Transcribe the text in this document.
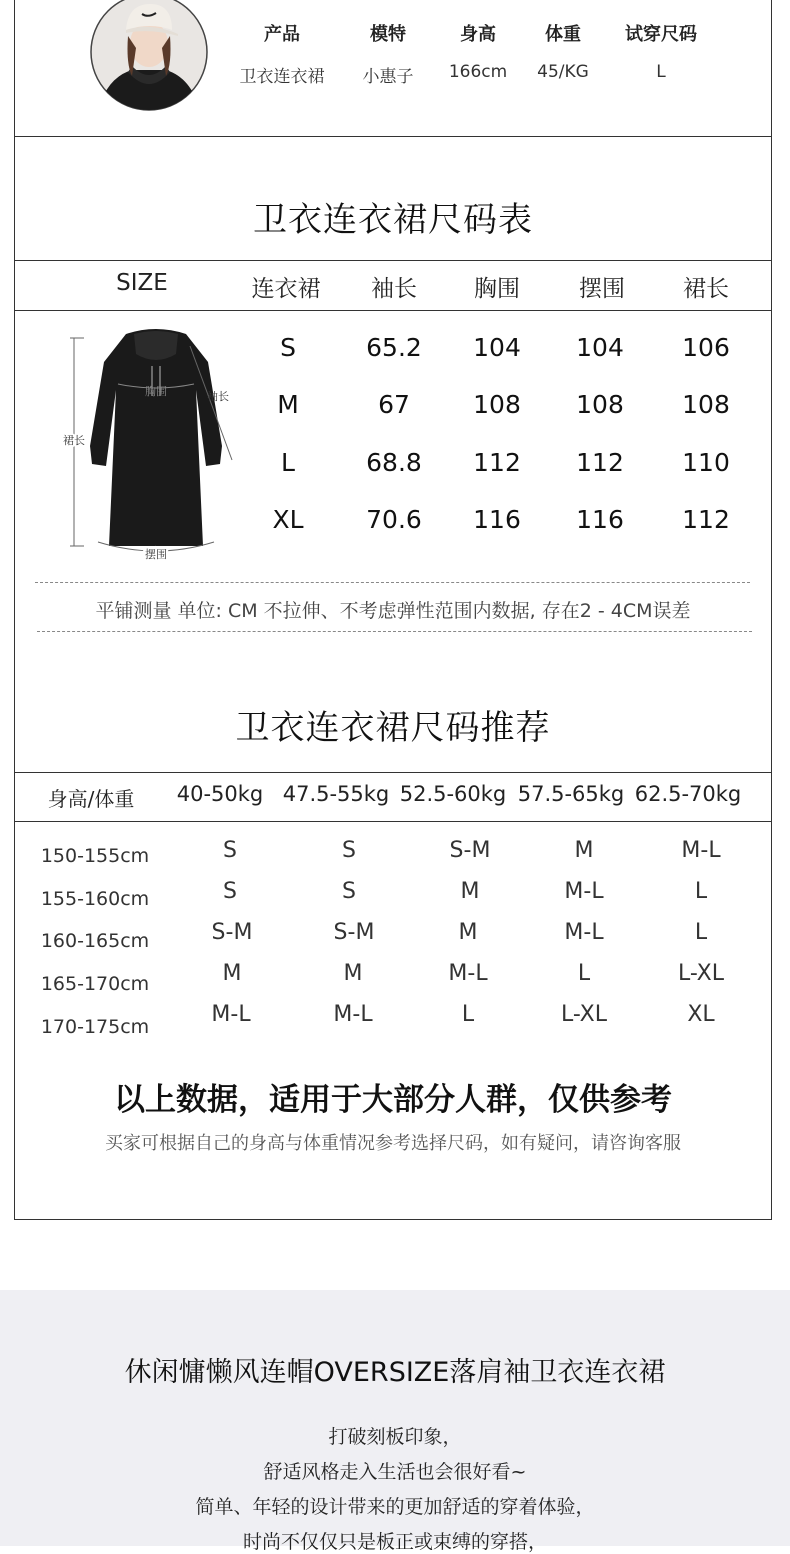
产品	模特	身高	体重	试穿尺码
卫衣连衣裙	小惠子	166cm	45/KG	L
卫衣连衣裙尺码表
SIZE	连衣裙	袖长	胸围	摆围	裙长
胸围	袖长
裙长
摆围
S	65.2	104	104	106
M	67	108	108	108
L	68.8	112	112	110
XL	70.6	116	116	112
平铺测量 单位: CM 不拉伸、不考虑弹性范围内数据, 存在2 - 4CM误差
卫衣连衣裙尺码推荐
身高/体重	40-50kg 47.5-55kg 52.5-60kg 57.5-65kg 62.5-70kg
150-155cm	S	S	S-M	M	M-L
155-160cm	S	S	M	M-L	L
160-165cm	S-M	S-M	M	M-L	L
165-170cm	M	M	M-L	L	L-XL
170-175cm	M-L	M-L	L	L-XL	XL
以上数据，适用于大部分人群，仅供参考
买家可根据自己的身高与体重情况参考选择尺码，如有疑问，请咨询客服
休闲慵懒风连帽OVERSIZE落肩袖卫衣连衣裙
打破刻板印象，
舒适风格走入生活也会很好看~
简单、年轻的设计带来的更加舒适的穿着体验，
时尚不仅仅只是板正或束缚的穿搭，
